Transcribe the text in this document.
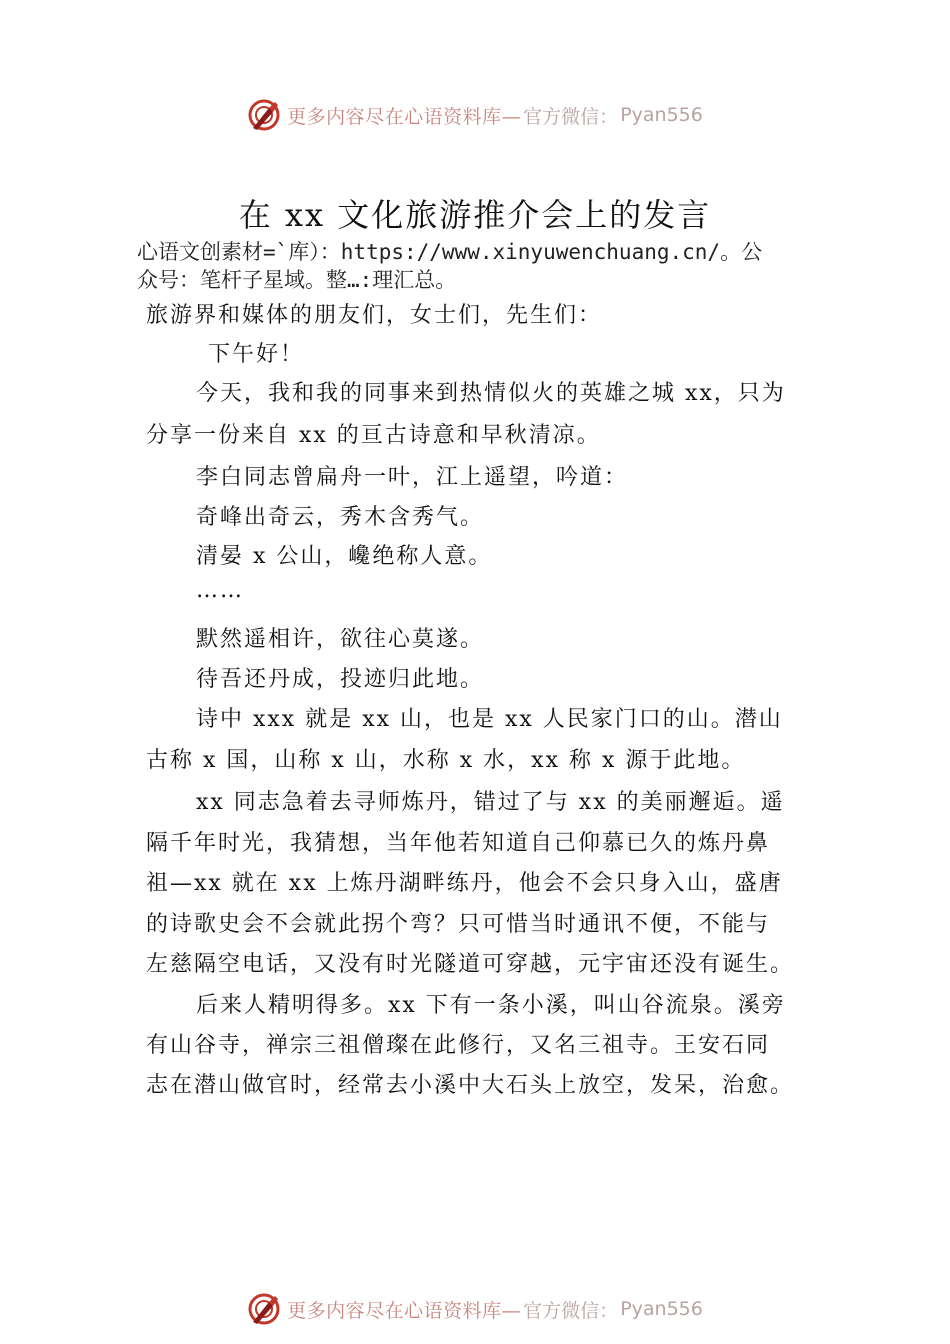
更多内容尽在心语资料库— 官方微信： Pyan556
在 xx 文化旅游推介会上的发言
心语文创素材=`库）：https://www.xinyuwenchuang.cn/。公
众号：笔杆子星域。整…:理汇总。
旅游界和媒体的朋友们，女士们，先生们：
下午好！
今天，我和我的同事来到热情似火的英雄之城 xx，只为
分享一份来自 xx 的亘古诗意和早秋清凉。
李白同志曾扁舟一叶，江上遥望，吟道：
奇峰出奇云，秀木含秀气。
清晏 x 公山，巉绝称人意。
……
默然遥相许，欲往心莫遂。
待吾还丹成，投迹归此地。
诗中 xxx 就是 xx 山，也是 xx 人民家门口的山。潜山
古称 x 国，山称 x 山，水称 x 水，xx 称 x 源于此地。
xx 同志急着去寻师炼丹，错过了与 xx 的美丽邂逅。遥
隔千年时光，我猜想，当年他若知道自己仰慕已久的炼丹鼻
祖—xx 就在 xx 上炼丹湖畔练丹，他会不会只身入山，盛唐
的诗歌史会不会就此拐个弯？只可惜当时通讯不便，不能与
左慈隔空电话，又没有时光隧道可穿越，元宇宙还没有诞生。
后来人精明得多。xx 下有一条小溪，叫山谷流泉。溪旁
有山谷寺，禅宗三祖僧璨在此修行，又名三祖寺。王安石同
志在潜山做官时，经常去小溪中大石头上放空，发呆，治愈。
更多内容尽在心语资料库— 官方微信： Pyan556
